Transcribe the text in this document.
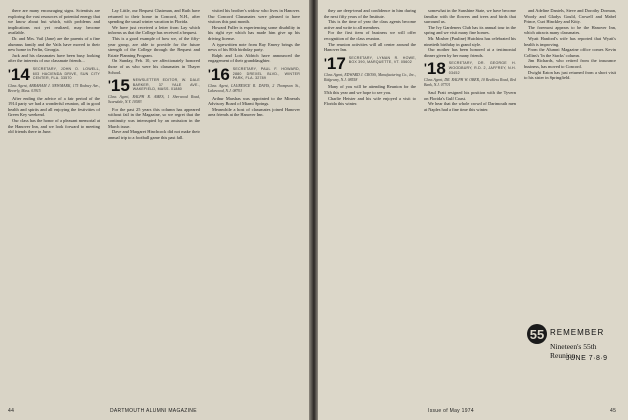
there are many encouraging signs. Scientists are exploring the vast resources of potential energy that we know about but which, with problems and implications not yet realized, may become available.

Dr. and Mrs. Vail (Jane) are the parents of a fine alumnus family and the Vails have moved to their new home in Ferlin, Georgia.

Jack and his classmates have been busy looking after the interests of our classmate friends...

'14 SECRETARY, JOHN O. LOWELL, 603 HACIENDA DRIVE, SUN CITY CENTER, FLA. 33570
Class Agent, ABRAHAM J. NEWMARK, 175 Rodney Ave., Beverly, Mass. 01915

After ending the advice of a fair period of the 1914 party we had a wonderful reunion, all in good health and spirits and all enjoying the festivities of Green Key weekend.

Our class has the honor of a pleasant memorial at the Hanover Inn, and we look forward to meeting old friends there in June.

Lay Little, our Bequest Chairman, and Ruth have returned to their home in Concord, N.H., after spending the usual winter vacation in Florida.

We have just received a letter from Lay which informs us that the College has received a bequest.

This is a good example of how we, of the fifty-year group, are able to provide for the future strength of the College through the Bequest and Estate Planning Program.

On Sunday, Feb. 10, we affectionately honored those of us who were his classmates in Thayer School.

'15 NEWSLETTER EDITOR, W. DALE BARKER, 37 YALE AVE., WAKEFIELD, MASS. 01880
Class Agent, RALPH R. AMES, 1 Sherwood Road, Scarsdale, N.Y. 10583

For the past 25 years this column has appeared without fail in the Magazine, so we regret that the continuity was interrupted by an omission in the March issue.

Dave and Margaret Hinchcock did not make their annual trip to a football game this past fall.

visited his brother's widow who lives in Hanover. Our Concord Classmates were pleased to have visitors this past month.

Howard Fuller is experiencing some disability in his right eye which has made him give up his driving license.

A typewritten note from Ray Emery brings the news of his 80th birthday party.

Ralph and Lois Aldrich have announced the engagement of their granddaughter.

'16 SECRETARY, PAUL F. HOWARD, 2880 DREXEL BLVD., WINTER PARK, FLA. 32789
Class Agent, LAURENCE R. DAVIS, 2 Thompson St., Lakewood, N.J. 08701

Arthur Marshas was appointed to the Minerals Advisory Board of Miami Springs.

Meanwhile a host of classmates joined Hanover area friends at the Hanover Inn.

44	DARTMOUTH ALUMNI MAGAZINE

they are deep-tread and confidence in him during the next fifty years of the Institute.

This is the time of year the class agents become active and write to all members.

For the first item of business we will offer recognition of the class reunion.

The reunion activities will all center around the Hanover Inn.

'17 SECRETARY, LYMAN R. HOWE, BOX 390, MARQUETTE, VT. 05602
Class Agent, EDWARD J. CROSS, Manufacturing Co., Inc., Ridgeway, N.J. 08558

Many of you will be attending Reunion for the 55th this year and we hope to see you.

Charlie Heister and his wife enjoyed a visit to Florida this winter.

somewhat in the Sunshine State, we have become familiar with the flowers and trees and birds that surround us.

The Ivy Gardeners Club has its annual tour in the spring and we visit many fine homes.

Mr. Mosher (Pauline) Hutchins has celebrated his ninetieth birthday in grand style.

Our mother has been honored at a testimonial dinner given by her many friends.

'18 SECRETARY, DR. GEORGE H. WOODBURY, R.D. 2, JAFFREY, N.H. 03452
Class Agent, DR. RALPH W. OBER, 10 Reckless Road, Red Bank, N.J. 07701

Saul Pratt resigned his position with the Tyvern on Florida's Gulf Coast.

We hear that the whole crowd of Dartmouth men at Naples had a fine time this winter.

and Adeline Daniels, Steve and Dorothy Dorman, Woody and Gladys Gould, Crowell and Mabel Prince, Curt Hinckley and Kitty.

The foremost appears to be the Hanover Inn, which attracts many classmates.

Wyatt Hanford's wife has reported that Wyatt's health is improving.

From the Alumni Magazine office comes Kevin Collins's 'In the Stacks' column.

Jim Richards, who retired from the insurance business, has moved to Concord.

Dwight Eaton has just returned from a short visit to his sister in Springfield.

Issue of May 1974	45
55 REMEMBER
Nineteen's 55th Reunion
JUNE 7·8·9
